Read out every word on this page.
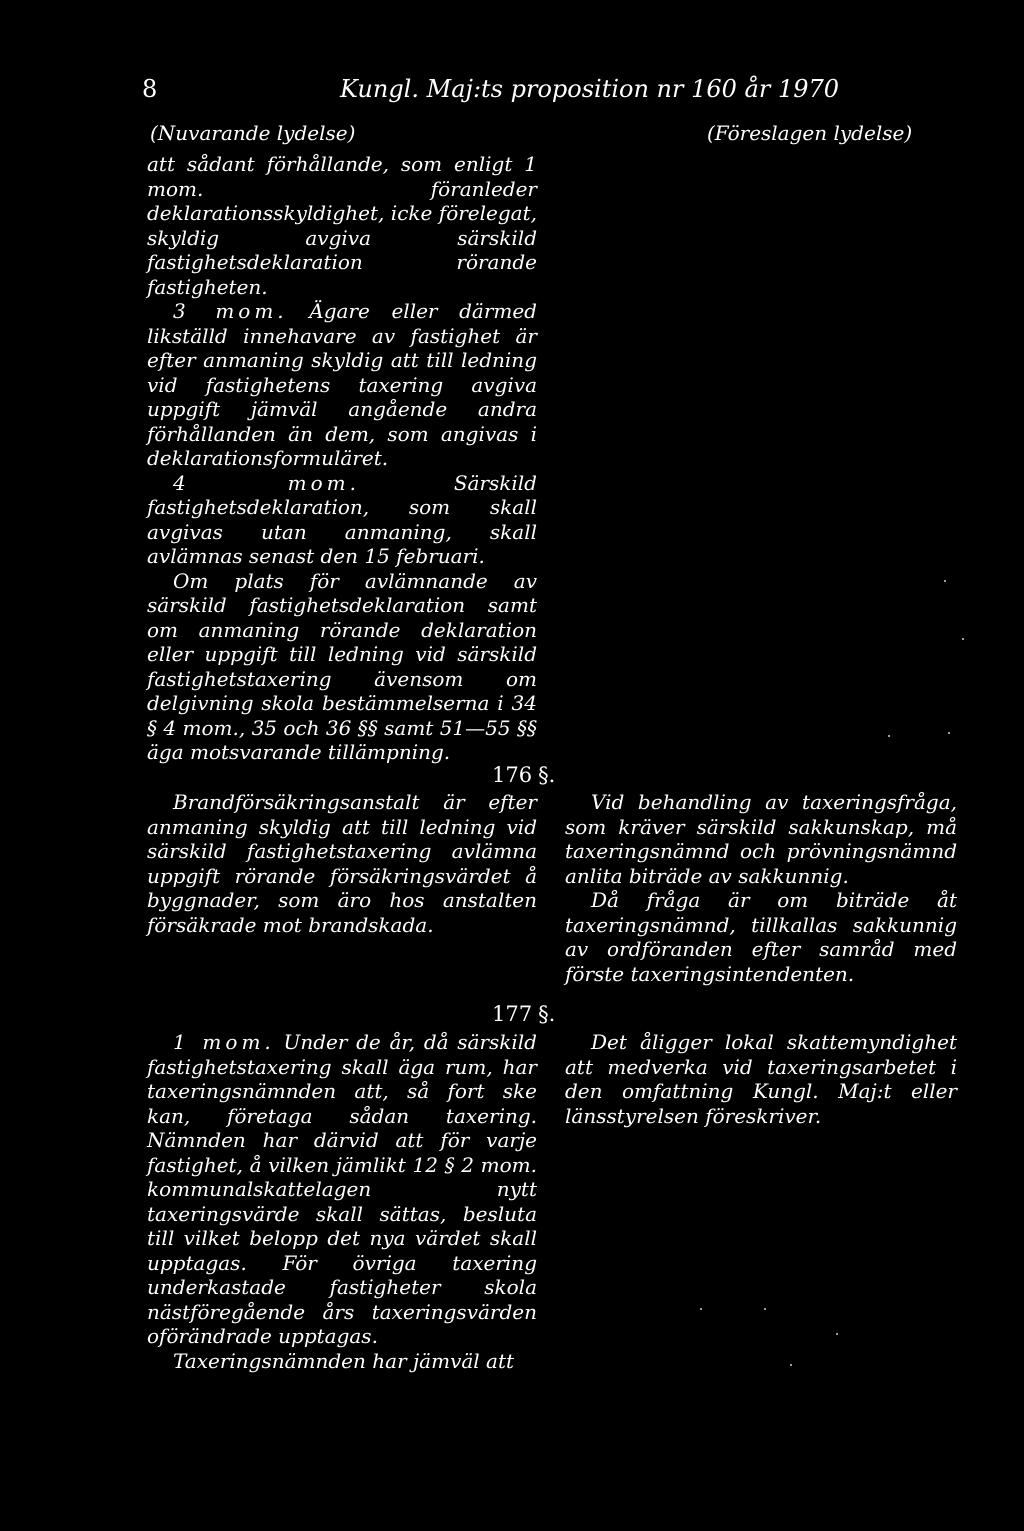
8	Kungl. Maj:ts proposition nr 160 år 1970
(Nuvarande lydelse)	(Föreslagen lydelse)

att sådant förhållande, som enligt 1 mom. föranleder deklarationsskyldighet, icke förelegat, skyldig avgiva särskild fastighetsdeklaration rörande fastigheten.

3 mom. Ägare eller därmed likställd innehavare av fastighet är efter anmaning skyldig att till ledning vid fastighetens taxering avgiva uppgift jämväl angående andra förhållanden än dem, som angivas i deklarationsformuläret.

4 mom. Särskild fastighetsdeklaration, som skall avgivas utan anmaning, skall avlämnas senast den 15 februari.

Om plats för avlämnande av särskild fastighetsdeklaration samt om anmaning rörande deklaration eller uppgift till ledning vid särskild fastighetstaxering ävensom om delgivning skola bestämmelserna i 34 § 4 mom., 35 och 36 §§ samt 51—55 §§ äga motsvarande tillämpning.

176 §.

Brandförsäkringsanstalt är efter anmaning skyldig att till ledning vid särskild fastighetstaxering avlämna uppgift rörande försäkringsvärdet å byggnader, som äro hos anstalten försäkrade mot brandskada.

Vid behandling av taxeringsfråga, som kräver särskild sakkunskap, må taxeringsnämnd och prövningsnämnd anlita biträde av sakkunnig.

Då fråga är om biträde åt taxeringsnämnd, tillkallas sakkunnig av ordföranden efter samråd med förste taxeringsintendenten.

177 §.

1 mom. Under de år, då särskild fastighetstaxering skall äga rum, har taxeringsnämnden att, så fort ske kan, företaga sådan taxering. Nämnden har därvid att för varje fastighet, å vilken jämlikt 12 § 2 mom. kommunalskattelagen nytt taxeringsvärde skall sättas, besluta till vilket belopp det nya värdet skall upptagas. För övriga taxering underkastade fastigheter skola nästföregående års taxeringsvärden oförändrade upptagas.

Taxeringsnämnden har jämväl att

Det åligger lokal skattemyndighet att medverka vid taxeringsarbetet i den omfattning Kungl. Maj:t eller länsstyrelsen föreskriver.
